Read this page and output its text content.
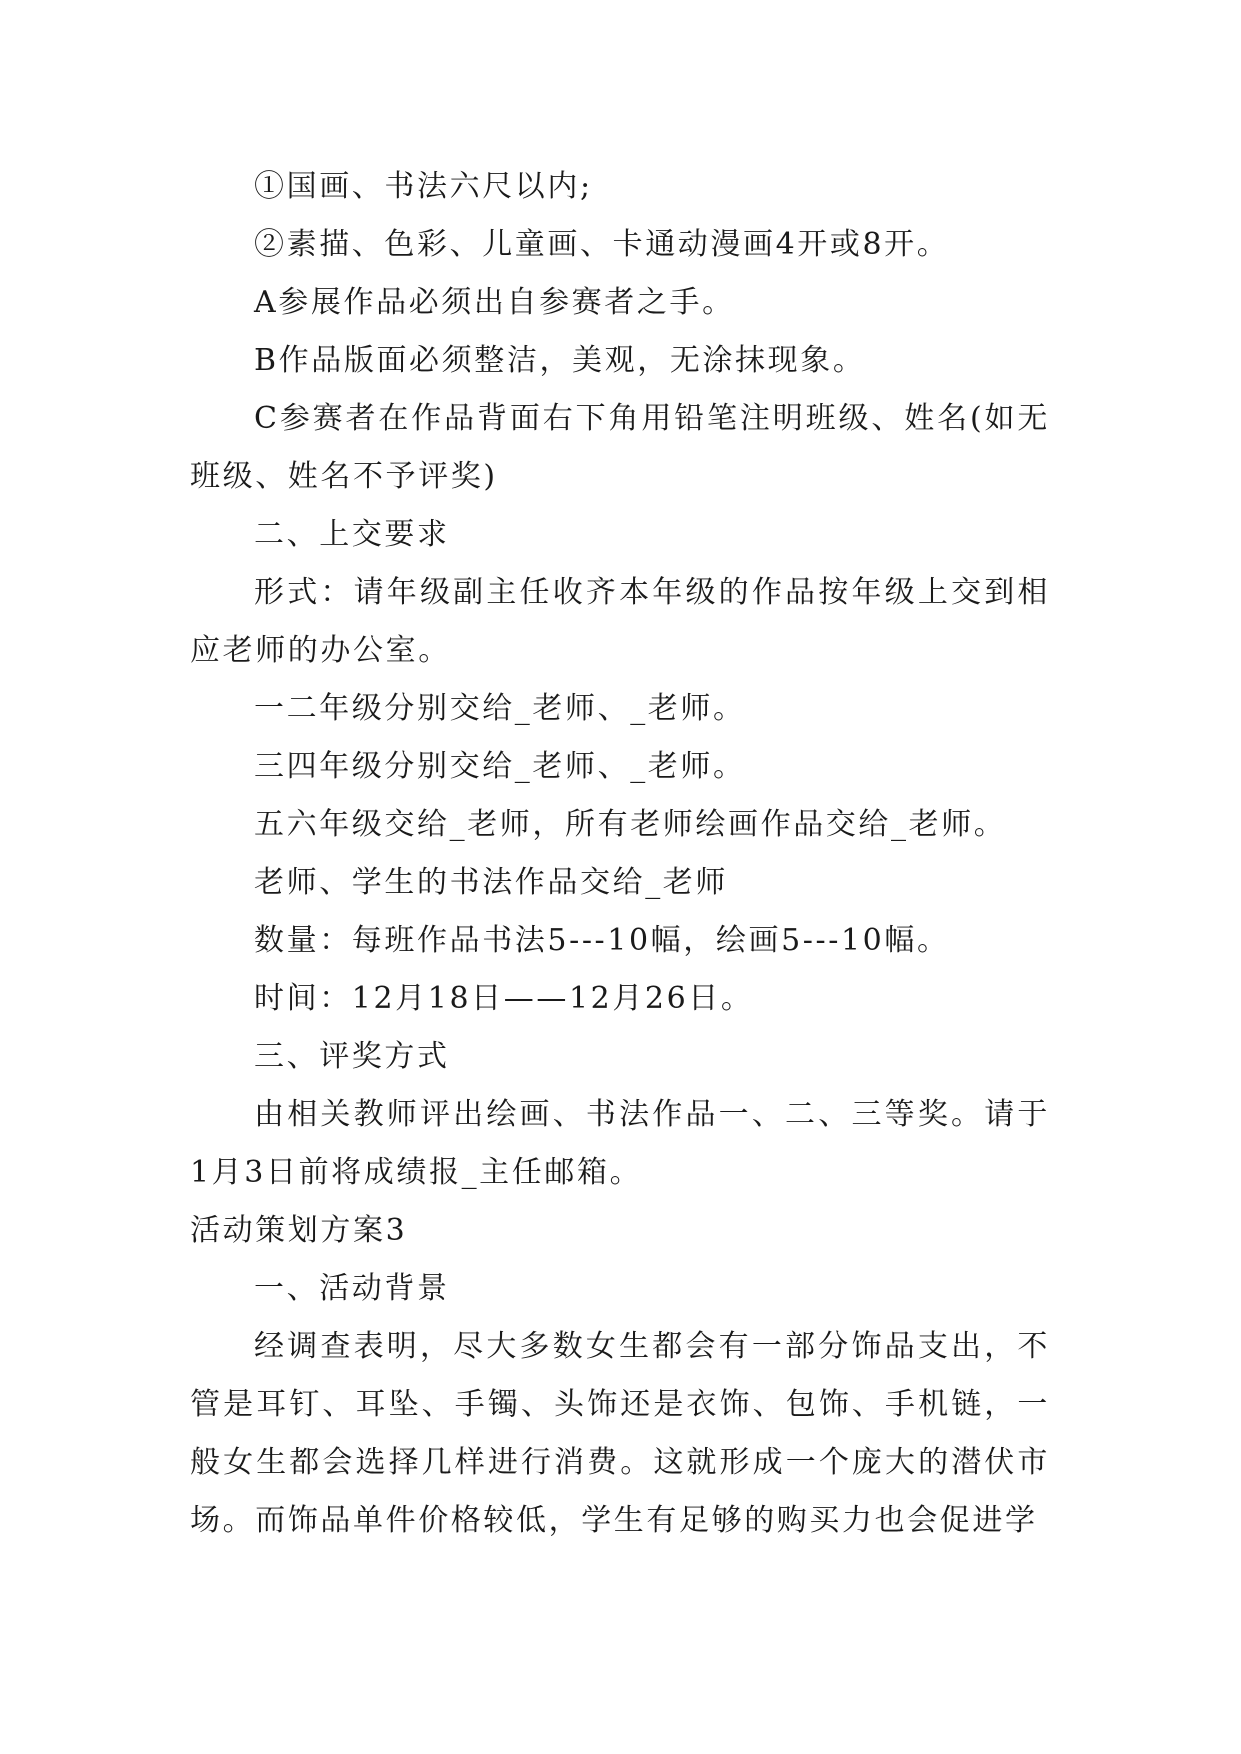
①国画、书法六尺以内;

②素描、色彩、儿童画、卡通动漫画4开或8开。

A参展作品必须出自参赛者之手。

B作品版面必须整洁，美观，无涂抹现象。

C参赛者在作品背面右下角用铅笔注明班级、姓名(如无班级、姓名不予评奖)

二、上交要求

形式：请年级副主任收齐本年级的作品按年级上交到相应老师的办公室。

一二年级分别交给_老师、_老师。

三四年级分别交给_老师、_老师。

五六年级交给_老师，所有老师绘画作品交给_老师。

老师、学生的书法作品交给_老师

数量：每班作品书法5---10幅，绘画5---10幅。

时间：12月18日——12月26日。

三、评奖方式

由相关教师评出绘画、书法作品一、二、三等奖。请于1月3日前将成绩报_主任邮箱。

活动策划方案3

一、活动背景

经调查表明，尽大多数女生都会有一部分饰品支出，不管是耳钉、耳坠、手镯、头饰还是衣饰、包饰、手机链，一般女生都会选择几样进行消费。这就形成一个庞大的潜伏市场。而饰品单件价格较低，学生有足够的购买力也会促进学
